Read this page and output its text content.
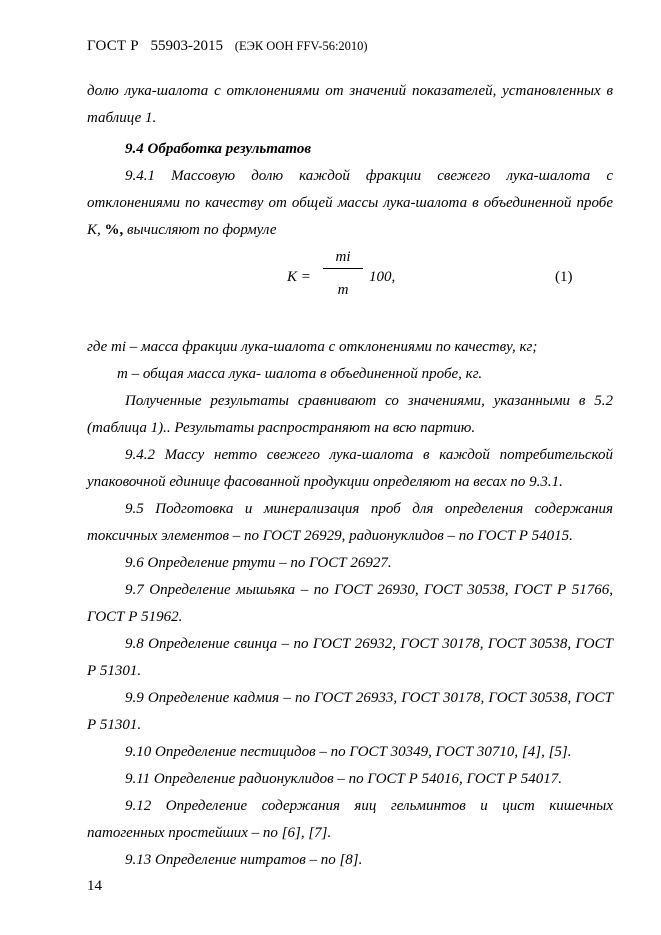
ГОСТ Р 55903-2015 (ЕЭК ООН FFV-56:2010)

долю лука-шалота с отклонениями от значений показателей, установленных в таблице 1.

9.4 Обработка результатов

9.4.1 Массовую долю каждой фракции свежего лука-шалота с отклонениями по качеству от общей массы лука-шалота в объединенной пробе К, %, вычисляют по формуле

К =
mi
m
100,	(1)

где mi – масса фракции лука-шалота с отклонениями по качеству, кг;

m – общая масса лука- шалота в объединенной пробе, кг.

Полученные результаты сравнивают со значениями, указанными в 5.2 (таблица 1).. Результаты распространяют на всю партию.

9.4.2 Массу нетто свежего лука-шалота в каждой потребительской упаковочной единице фасованной продукции определяют на весах по 9.3.1.

9.5 Подготовка и минерализация проб для определения содержания токсичных элементов – по ГОСТ 26929, радионуклидов – по ГОСТ Р 54015.

9.6 Определение ртути – по ГОСТ 26927.

9.7 Определение мышьяка – по ГОСТ 26930, ГОСТ 30538, ГОСТ Р 51766, ГОСТ Р 51962.

9.8 Определение свинца – по ГОСТ 26932, ГОСТ 30178, ГОСТ 30538, ГОСТ Р 51301.

9.9 Определение кадмия – по ГОСТ 26933, ГОСТ 30178, ГОСТ 30538, ГОСТ Р 51301.

9.10 Определение пестицидов – по ГОСТ 30349, ГОСТ 30710, [4], [5].

9.11 Определение радионуклидов – по ГОСТ Р 54016, ГОСТ Р 54017.

9.12 Определение содержания яиц гельминтов и цист кишечных патогенных простейших – по [6], [7].

9.13 Определение нитратов – по [8].

14
